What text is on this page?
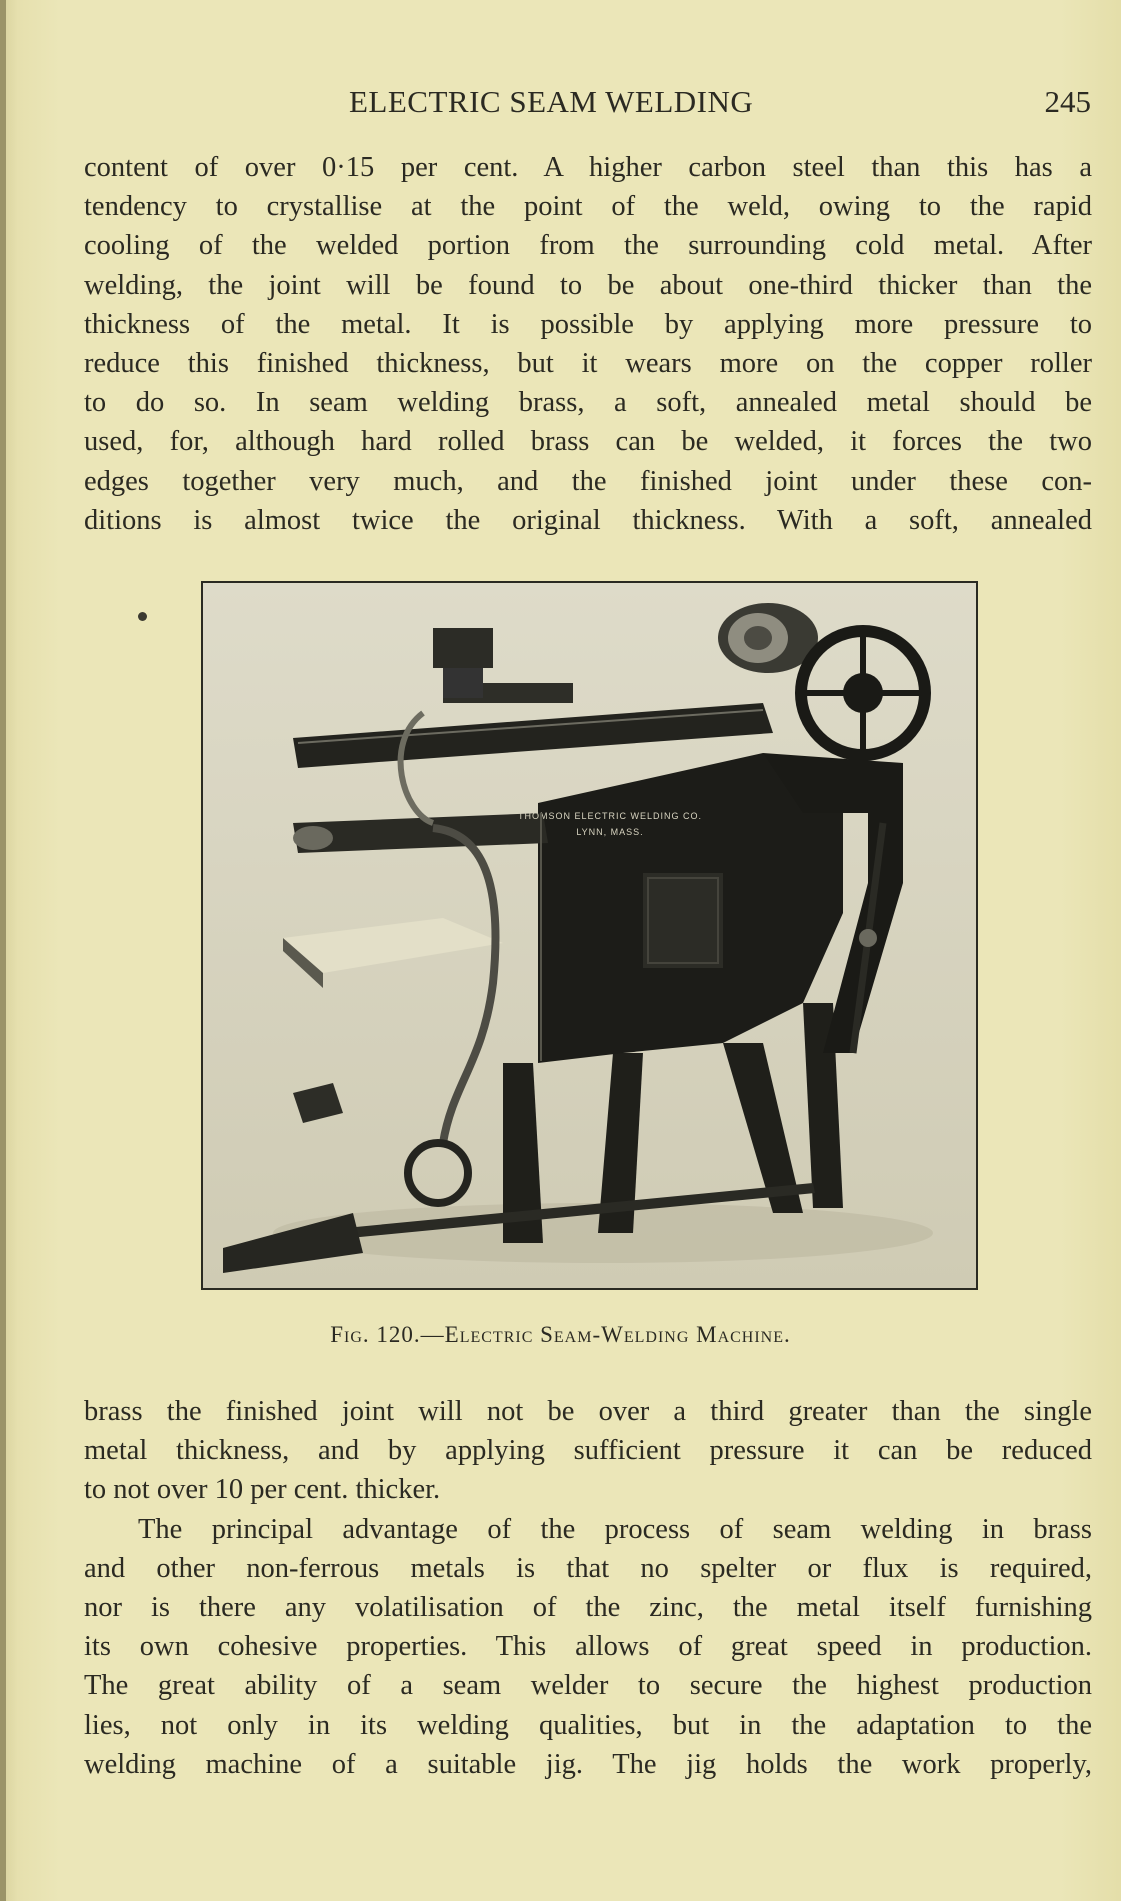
ELECTRIC SEAM WELDING	245
content of over 0·15 per cent. A higher carbon steel than this has a
tendency to crystallise at the point of the weld, owing to the rapid
cooling of the welded portion from the surrounding cold metal. After
welding, the joint will be found to be about one-third thicker than the
thickness of the metal. It is possible by applying more pressure to
reduce this finished thickness, but it wears more on the copper roller
to do so. In seam welding brass, a soft, annealed metal should be
used, for, although hard rolled brass can be welded, it forces the two
edges together very much, and the finished joint under these con-
ditions is almost twice the original thickness. With a soft, annealed
THOMSON ELECTRIC WELDING CO.
LYNN, MASS.
Fig. 120.—Electric Seam-Welding Machine.
brass the finished joint will not be over a third greater than the single
metal thickness, and by applying sufficient pressure it can be reduced
to not over 10 per cent. thicker.
The principal advantage of the process of seam welding in brass
and other non-ferrous metals is that no spelter or flux is required,
nor is there any volatilisation of the zinc, the metal itself furnishing
its own cohesive properties. This allows of great speed in production.
The great ability of a seam welder to secure the highest production
lies, not only in its welding qualities, but in the adaptation to the
welding machine of a suitable jig. The jig holds the work properly,
